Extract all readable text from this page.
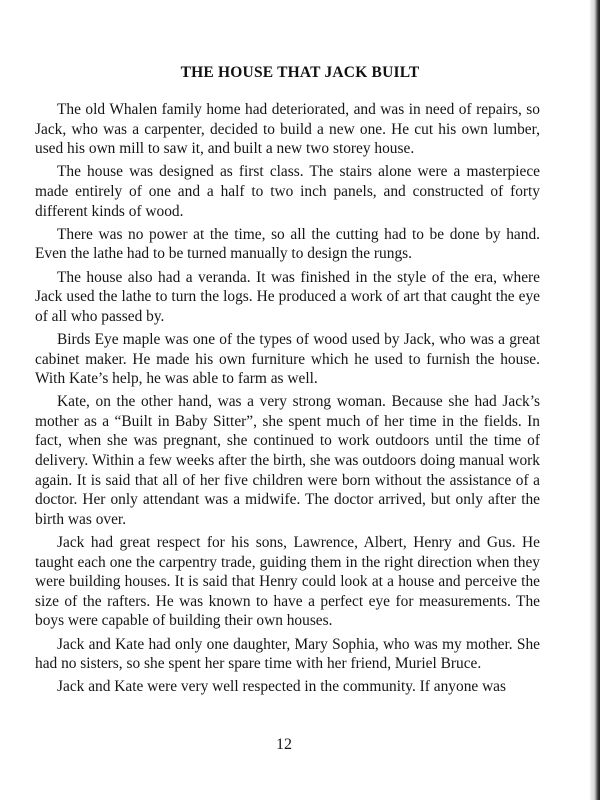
THE HOUSE THAT JACK BUILT

The old Whalen family home had deteriorated, and was in need of repairs, so Jack, who was a carpenter, decided to build a new one. He cut his own lumber, used his own mill to saw it, and built a new two storey house.

The house was designed as first class. The stairs alone were a masterpiece made entirely of one and a half to two inch panels, and constructed of forty different kinds of wood.

There was no power at the time, so all the cutting had to be done by hand. Even the lathe had to be turned manually to design the rungs.

The house also had a veranda. It was finished in the style of the era, where Jack used the lathe to turn the logs. He produced a work of art that caught the eye of all who passed by.

Birds Eye maple was one of the types of wood used by Jack, who was a great cabinet maker. He made his own furniture which he used to furnish the house. With Kate’s help, he was able to farm as well.

Kate, on the other hand, was a very strong woman. Because she had Jack’s mother as a “Built in Baby Sitter”, she spent much of her time in the fields. In fact, when she was pregnant, she continued to work outdoors until the time of delivery. Within a few weeks after the birth, she was outdoors doing manual work again. It is said that all of her five children were born without the assistance of a doctor. Her only attendant was a midwife. The doctor arrived, but only after the birth was over.

Jack had great respect for his sons, Lawrence, Albert, Henry and Gus. He taught each one the carpentry trade, guiding them in the right direction when they were building houses. It is said that Henry could look at a house and perceive the size of the rafters. He was known to have a perfect eye for measurements. The boys were capable of building their own houses.

Jack and Kate had only one daughter, Mary Sophia, who was my mother. She had no sisters, so she spent her spare time with her friend, Muriel Bruce.

Jack and Kate were very well respected in the community. If anyone was

12
